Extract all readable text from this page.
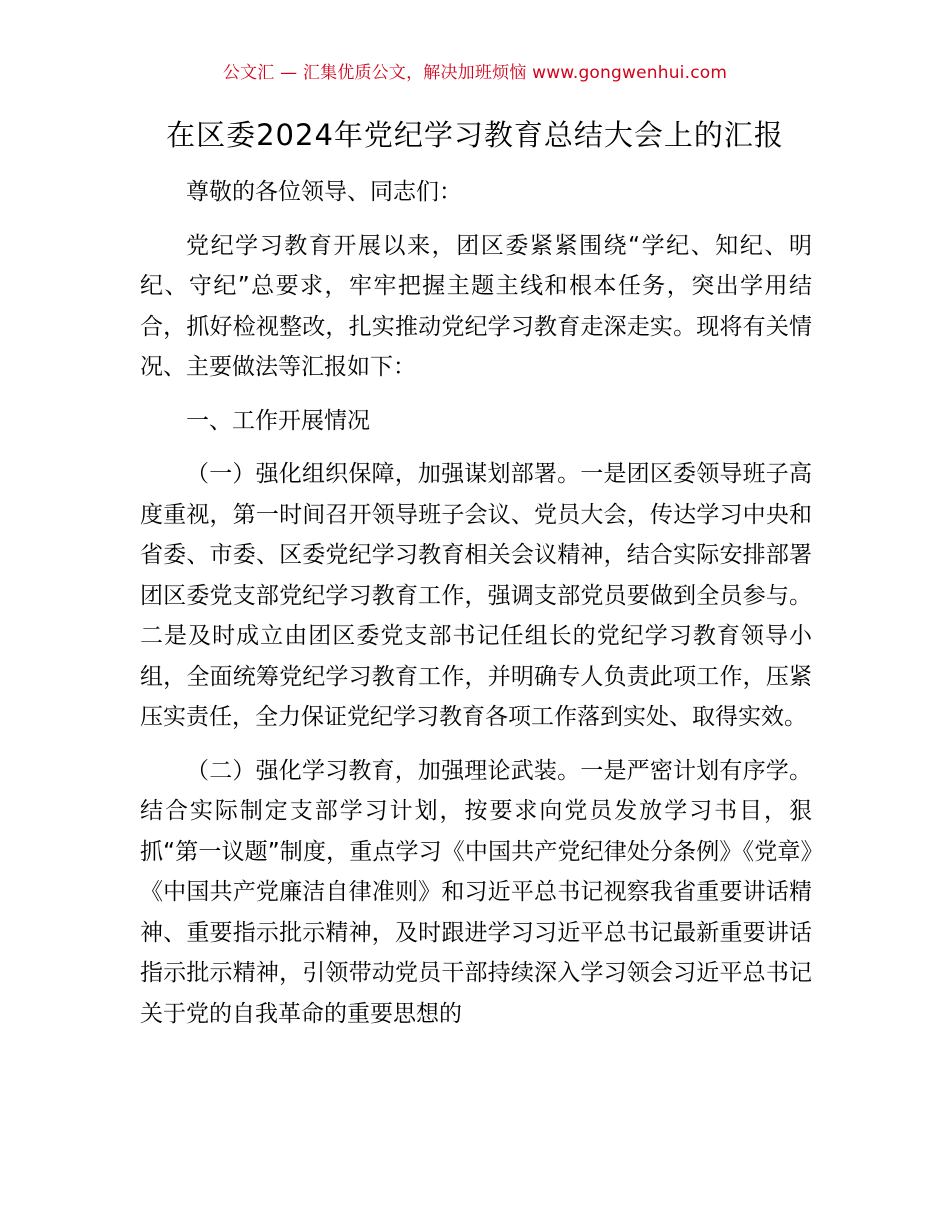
公文汇 — 汇集优质公文，解决加班烦恼 www.gongwenhui.com
在区委2024年党纪学习教育总结大会上的汇报

尊敬的各位领导、同志们：

党纪学习教育开展以来，团区委紧紧围绕“学纪、知纪、明纪、守纪”总要求，牢牢把握主题主线和根本任务，突出学用结合，抓好检视整改，扎实推动党纪学习教育走深走实。现将有关情况、主要做法等汇报如下：

一、工作开展情况

（一）强化组织保障，加强谋划部署。一是团区委领导班子高度重视，第一时间召开领导班子会议、党员大会，传达学习中央和省委、市委、区委党纪学习教育相关会议精神，结合实际安排部署团区委党支部党纪学习教育工作，强调支部党员要做到全员参与。二是及时成立由团区委党支部书记任组长的党纪学习教育领导小组，全面统筹党纪学习教育工作，并明确专人负责此项工作，压紧压实责任，全力保证党纪学习教育各项工作落到实处、取得实效。

（二）强化学习教育，加强理论武装。一是严密计划有序学。结合实际制定支部学习计划，按要求向党员发放学习书目，狠抓“第一议题”制度，重点学习《中国共产党纪律处分条例》《党章》《中国共产党廉洁自律准则》和习近平总书记视察我省重要讲话精神、重要指示批示精神，及时跟进学习习近平总书记最新重要讲话指示批示精神，引领带动党员干部持续深入学习领会习近平总书记关于党的自我革命的重要思想的
